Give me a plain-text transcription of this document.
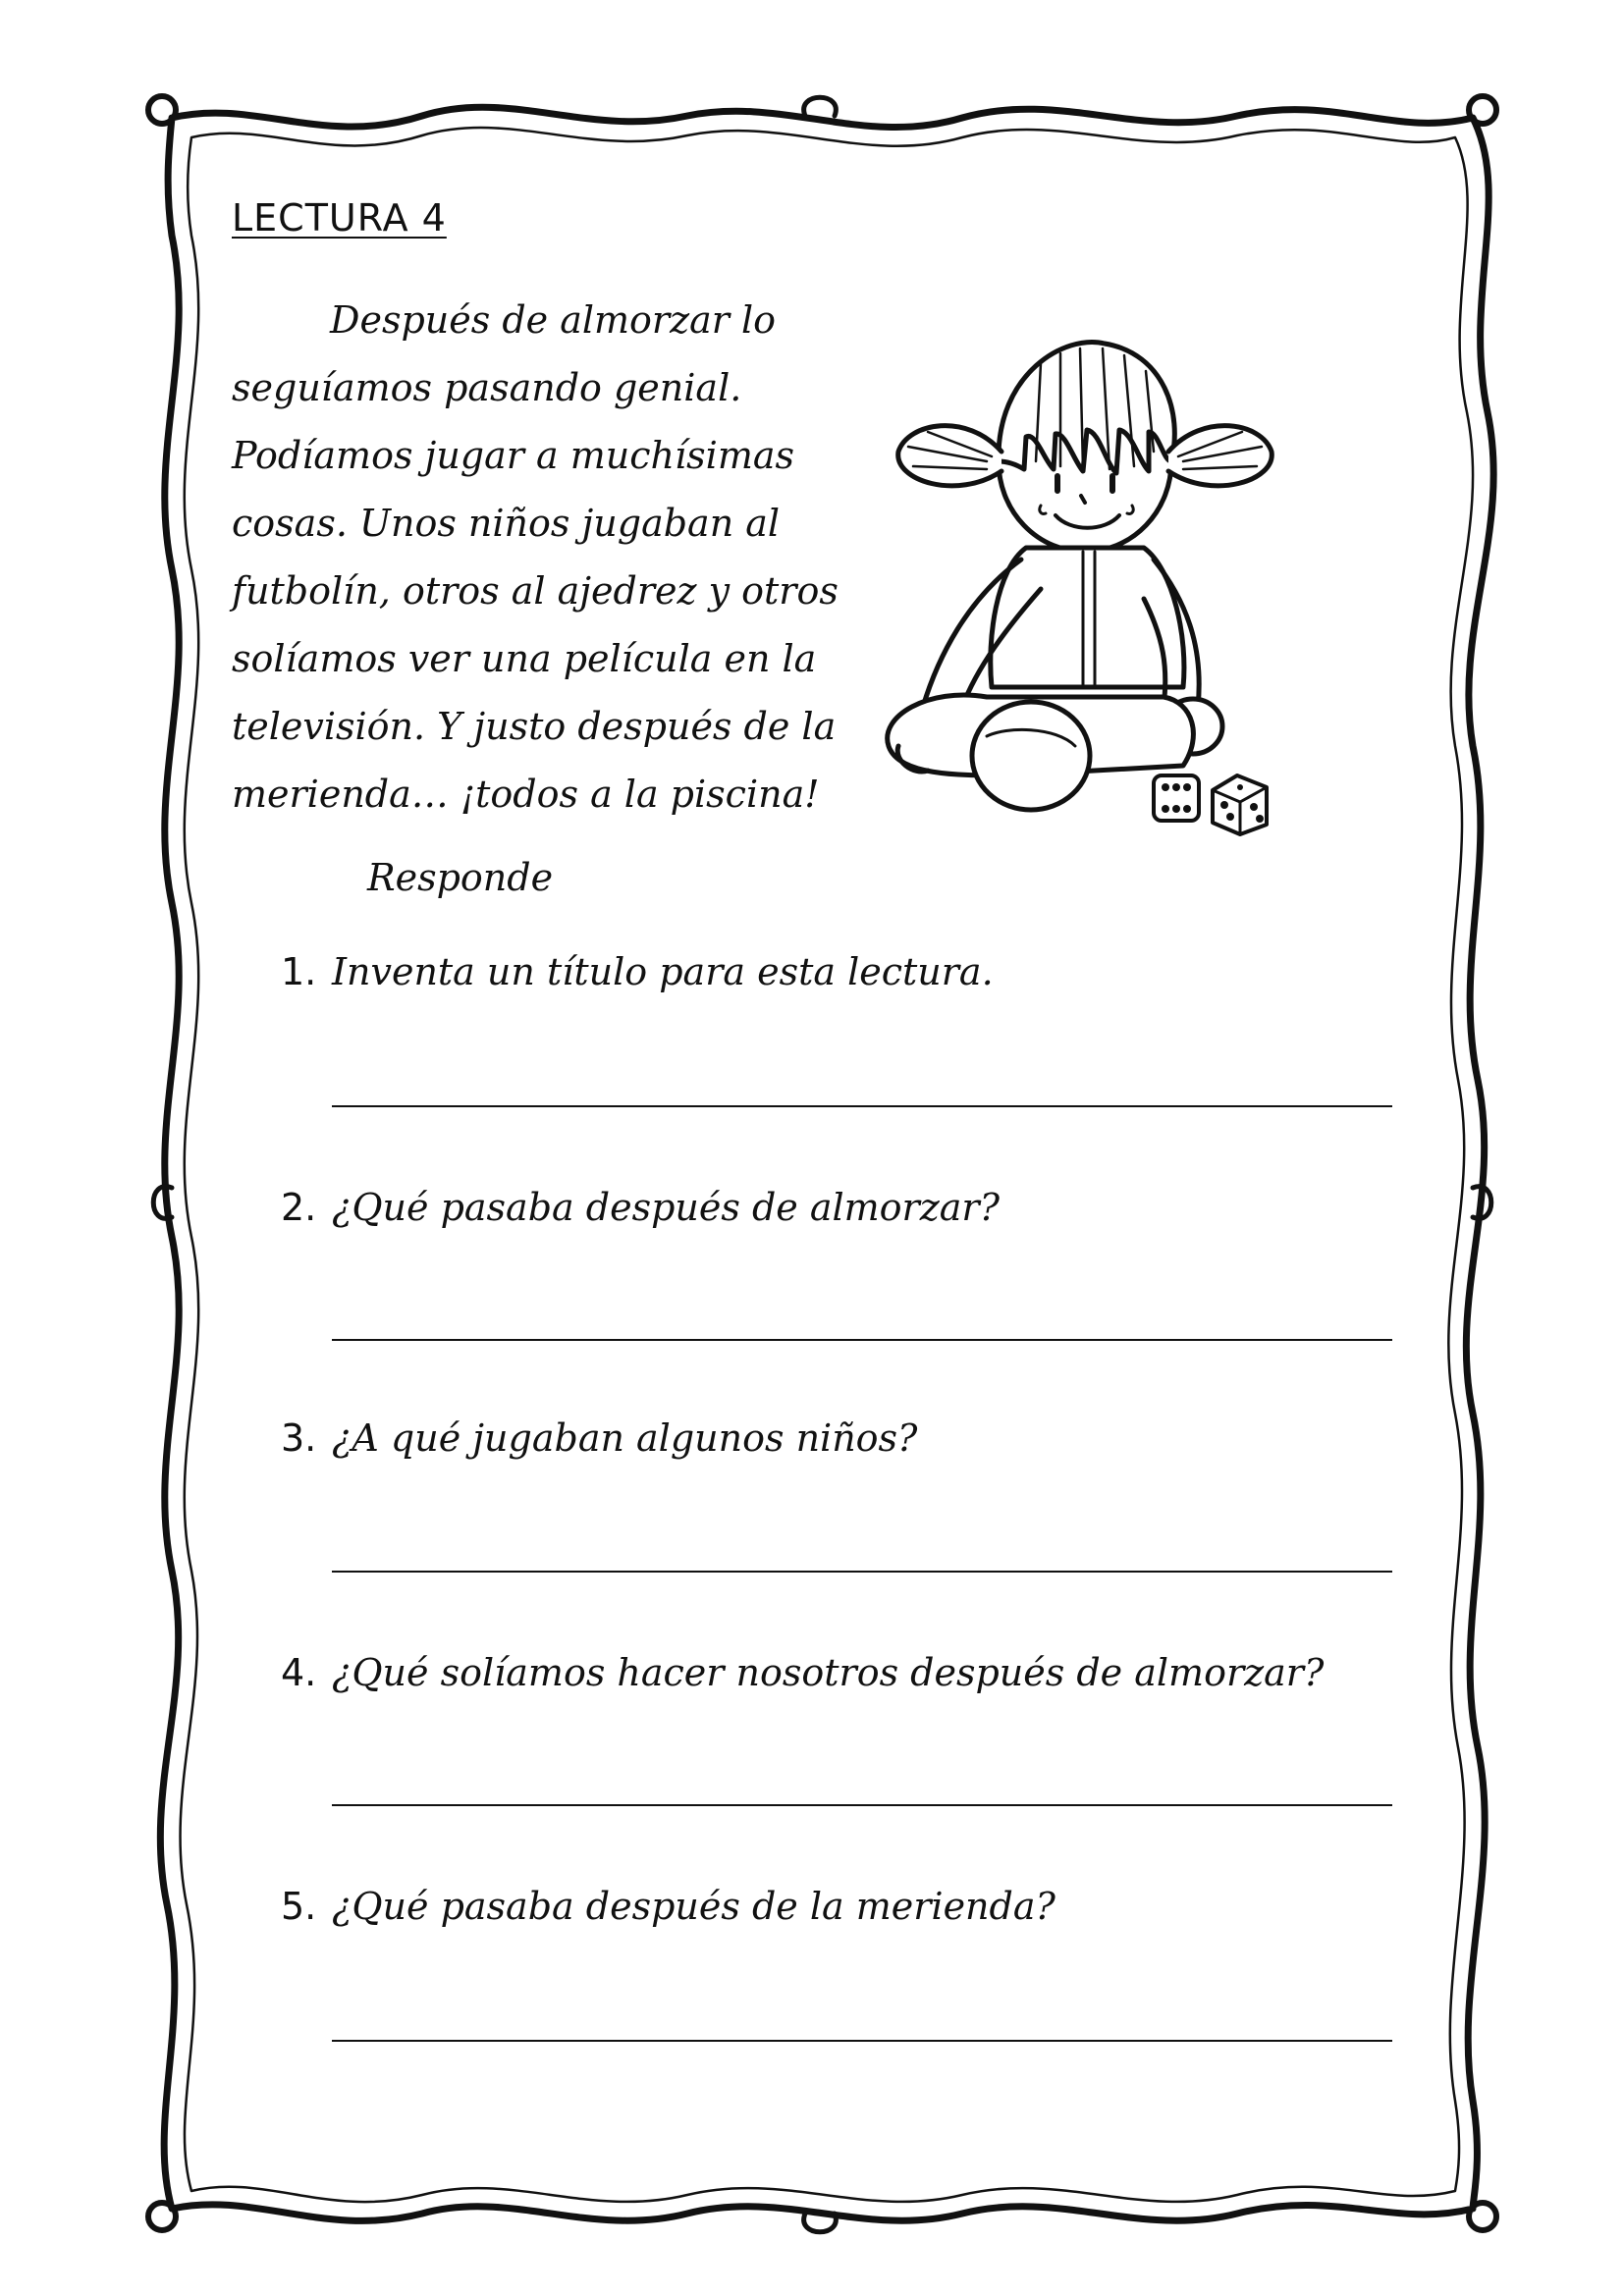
LECTURA 4

Después de almorzar lo
seguíamos pasando genial.
Podíamos jugar a muchísimas
cosas. Unos niños jugaban al
futbolín, otros al ajedrez y otros
solíamos ver una película en la
televisión. Y justo después de la
merienda… ¡todos a la piscina!

Responde

1. Inventa un título para esta lectura.

2. ¿Qué pasaba después de almorzar?

3. ¿A qué jugaban algunos niños?

4. ¿Qué solíamos hacer nosotros después de almorzar?

5. ¿Qué pasaba después de la merienda?
